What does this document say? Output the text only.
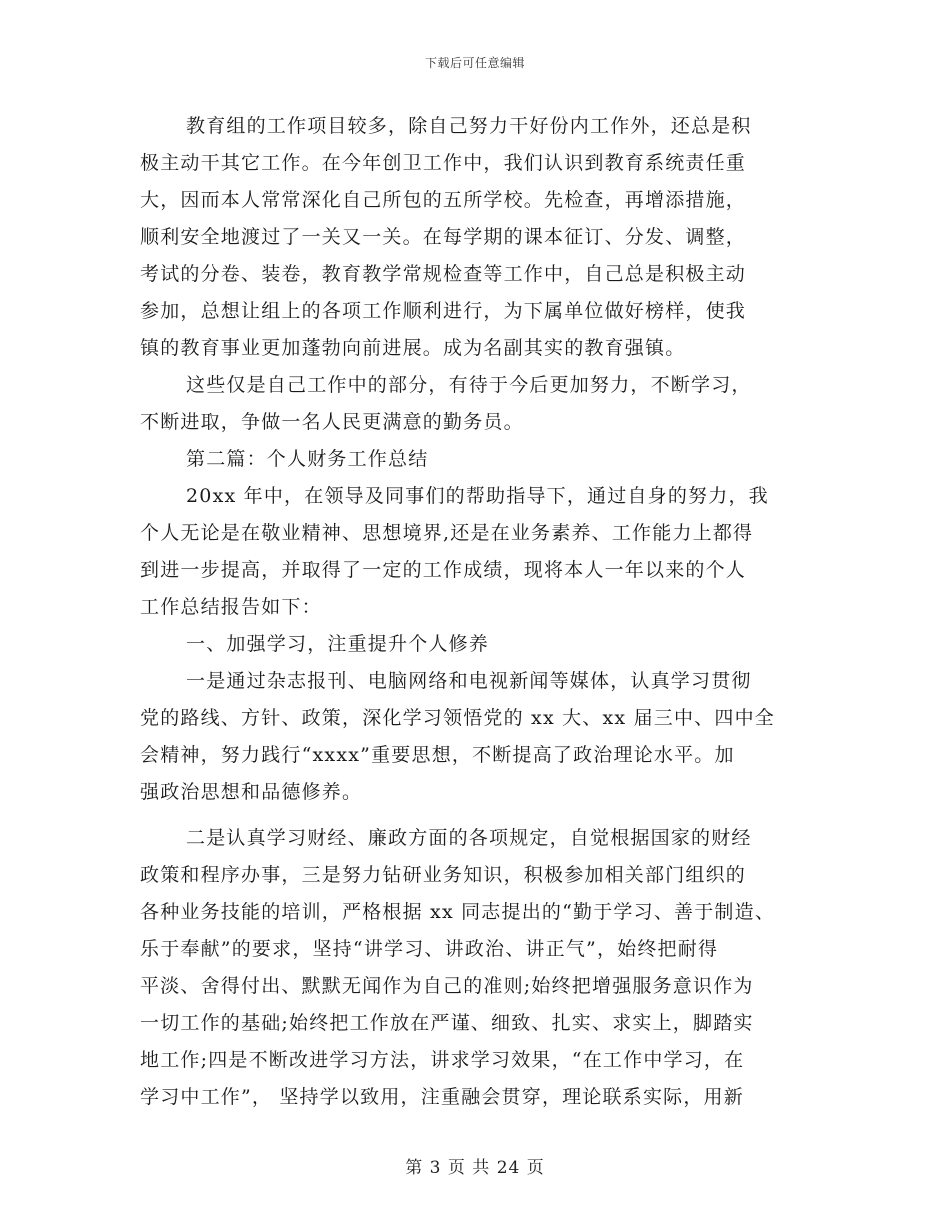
下载后可任意编辑
教育组的工作项目较多，除自己努力干好份内工作外，还总是积
极主动干其它工作。在今年创卫工作中，我们认识到教育系统责任重
大，因而本人常常深化自己所包的五所学校。先检查，再增添措施，
顺利安全地渡过了一关又一关。在每学期的课本征订、分发、调整，
考试的分卷、装卷，教育教学常规检查等工作中，自己总是积极主动
参加，总想让组上的各项工作顺利进行，为下属单位做好榜样，使我
镇的教育事业更加蓬勃向前进展。成为名副其实的教育强镇。
这些仅是自己工作中的部分，有待于今后更加努力，不断学习，
不断进取，争做一名人民更满意的勤务员。
第二篇：个人财务工作总结
20xx 年中，在领导及同事们的帮助指导下，通过自身的努力，我
个人无论是在敬业精神、思想境界,还是在业务素养、工作能力上都得
到进一步提高，并取得了一定的工作成绩，现将本人一年以来的个人
工作总结报告如下：
一、加强学习，注重提升个人修养
一是通过杂志报刊、电脑网络和电视新闻等媒体，认真学习贯彻
党的路线、方针、政策，深化学习领悟党的 xx 大、xx 届三中、四中全
会精神，努力践行“xxxx”重要思想，不断提高了政治理论水平。加
强政治思想和品德修养。
二是认真学习财经、廉政方面的各项规定，自觉根据国家的财经
政策和程序办事，三是努力钻研业务知识，积极参加相关部门组织的
各种业务技能的培训，严格根据 xx 同志提出的“勤于学习、善于制造、
乐于奉献”的要求，坚持“讲学习、讲政治、讲正气”，始终把耐得
平淡、舍得付出、默默无闻作为自己的准则;始终把增强服务意识作为
一切工作的基础;始终把工作放在严谨、细致、扎实、求实上，脚踏实
地工作;四是不断改进学习方法，讲求学习效果，“在工作中学习，在
学习中工作”， 坚持学以致用，注重融会贯穿，理论联系实际，用新
第 3 页 共 24 页
